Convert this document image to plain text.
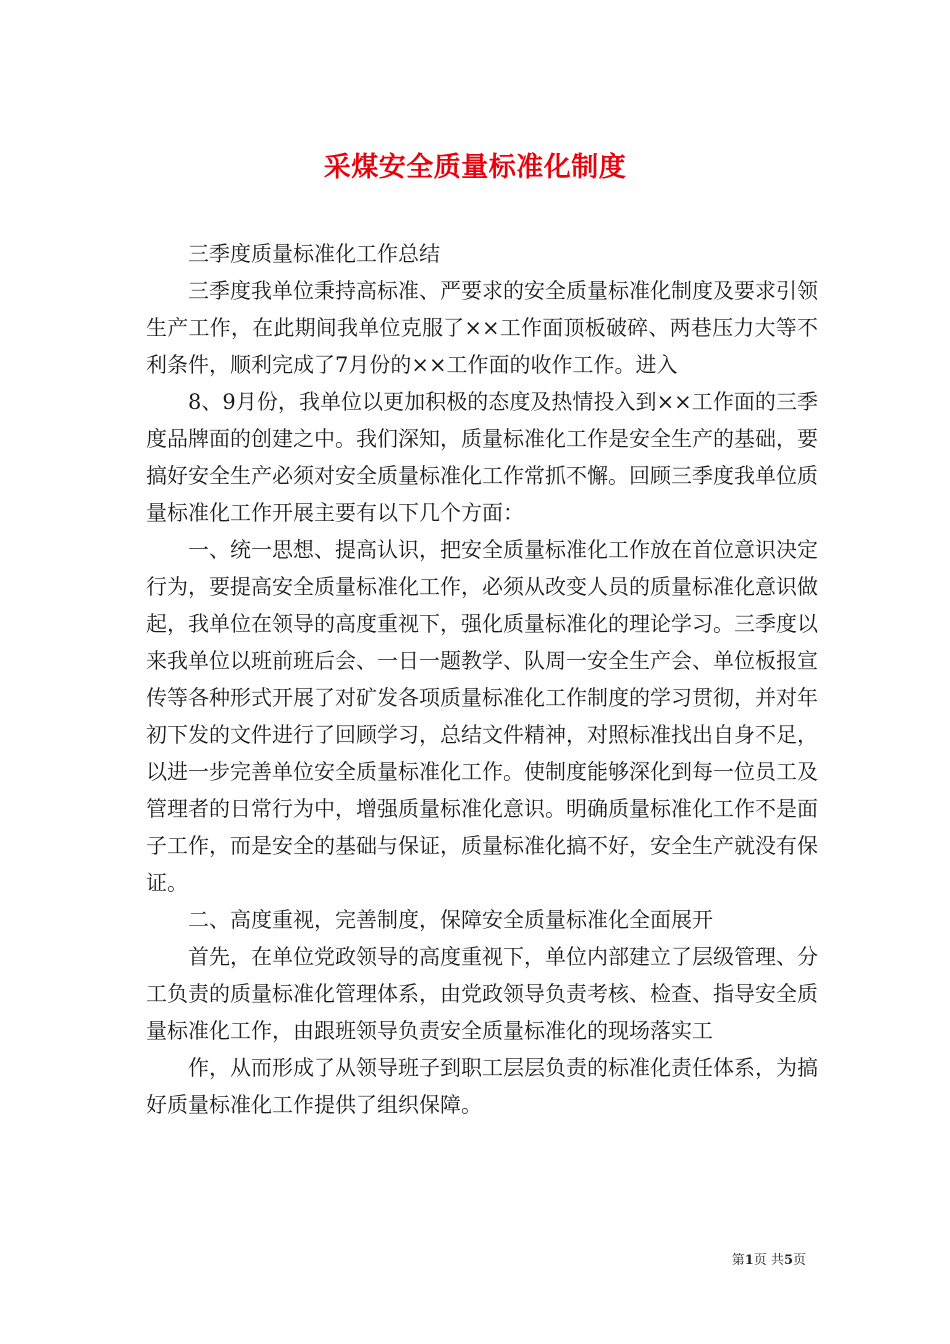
采煤安全质量标准化制度

三季度质量标准化工作总结

三季度我单位秉持高标准、严要求的安全质量标准化制度及要求引领生产工作，在此期间我单位克服了××工作面顶板破碎、两巷压力大等不利条件，顺利完成了7月份的××工作面的收作工作。进入

8、9月份，我单位以更加积极的态度及热情投入到××工作面的三季度品牌面的创建之中。我们深知，质量标准化工作是安全生产的基础，要搞好安全生产必须对安全质量标准化工作常抓不懈。回顾三季度我单位质量标准化工作开展主要有以下几个方面：

一、统一思想、提高认识，把安全质量标准化工作放在首位意识决定行为，要提高安全质量标准化工作，必须从改变人员的质量标准化意识做起，我单位在领导的高度重视下，强化质量标准化的理论学习。三季度以来我单位以班前班后会、一日一题教学、队周一安全生产会、单位板报宣传等各种形式开展了对矿发各项质量标准化工作制度的学习贯彻，并对年初下发的文件进行了回顾学习，总结文件精神，对照标准找出自身不足，以进一步完善单位安全质量标准化工作。使制度能够深化到每一位员工及管理者的日常行为中，增强质量标准化意识。明确质量标准化工作不是面子工作，而是安全的基础与保证，质量标准化搞不好，安全生产就没有保证。

二、高度重视，完善制度，保障安全质量标准化全面展开

首先，在单位党政领导的高度重视下，单位内部建立了层级管理、分工负责的质量标准化管理体系，由党政领导负责考核、检查、指导安全质量标准化工作，由跟班领导负责安全质量标准化的现场落实工

作，从而形成了从领导班子到职工层层负责的标准化责任体系，为搞好质量标准化工作提供了组织保障。

第1页 共5页
